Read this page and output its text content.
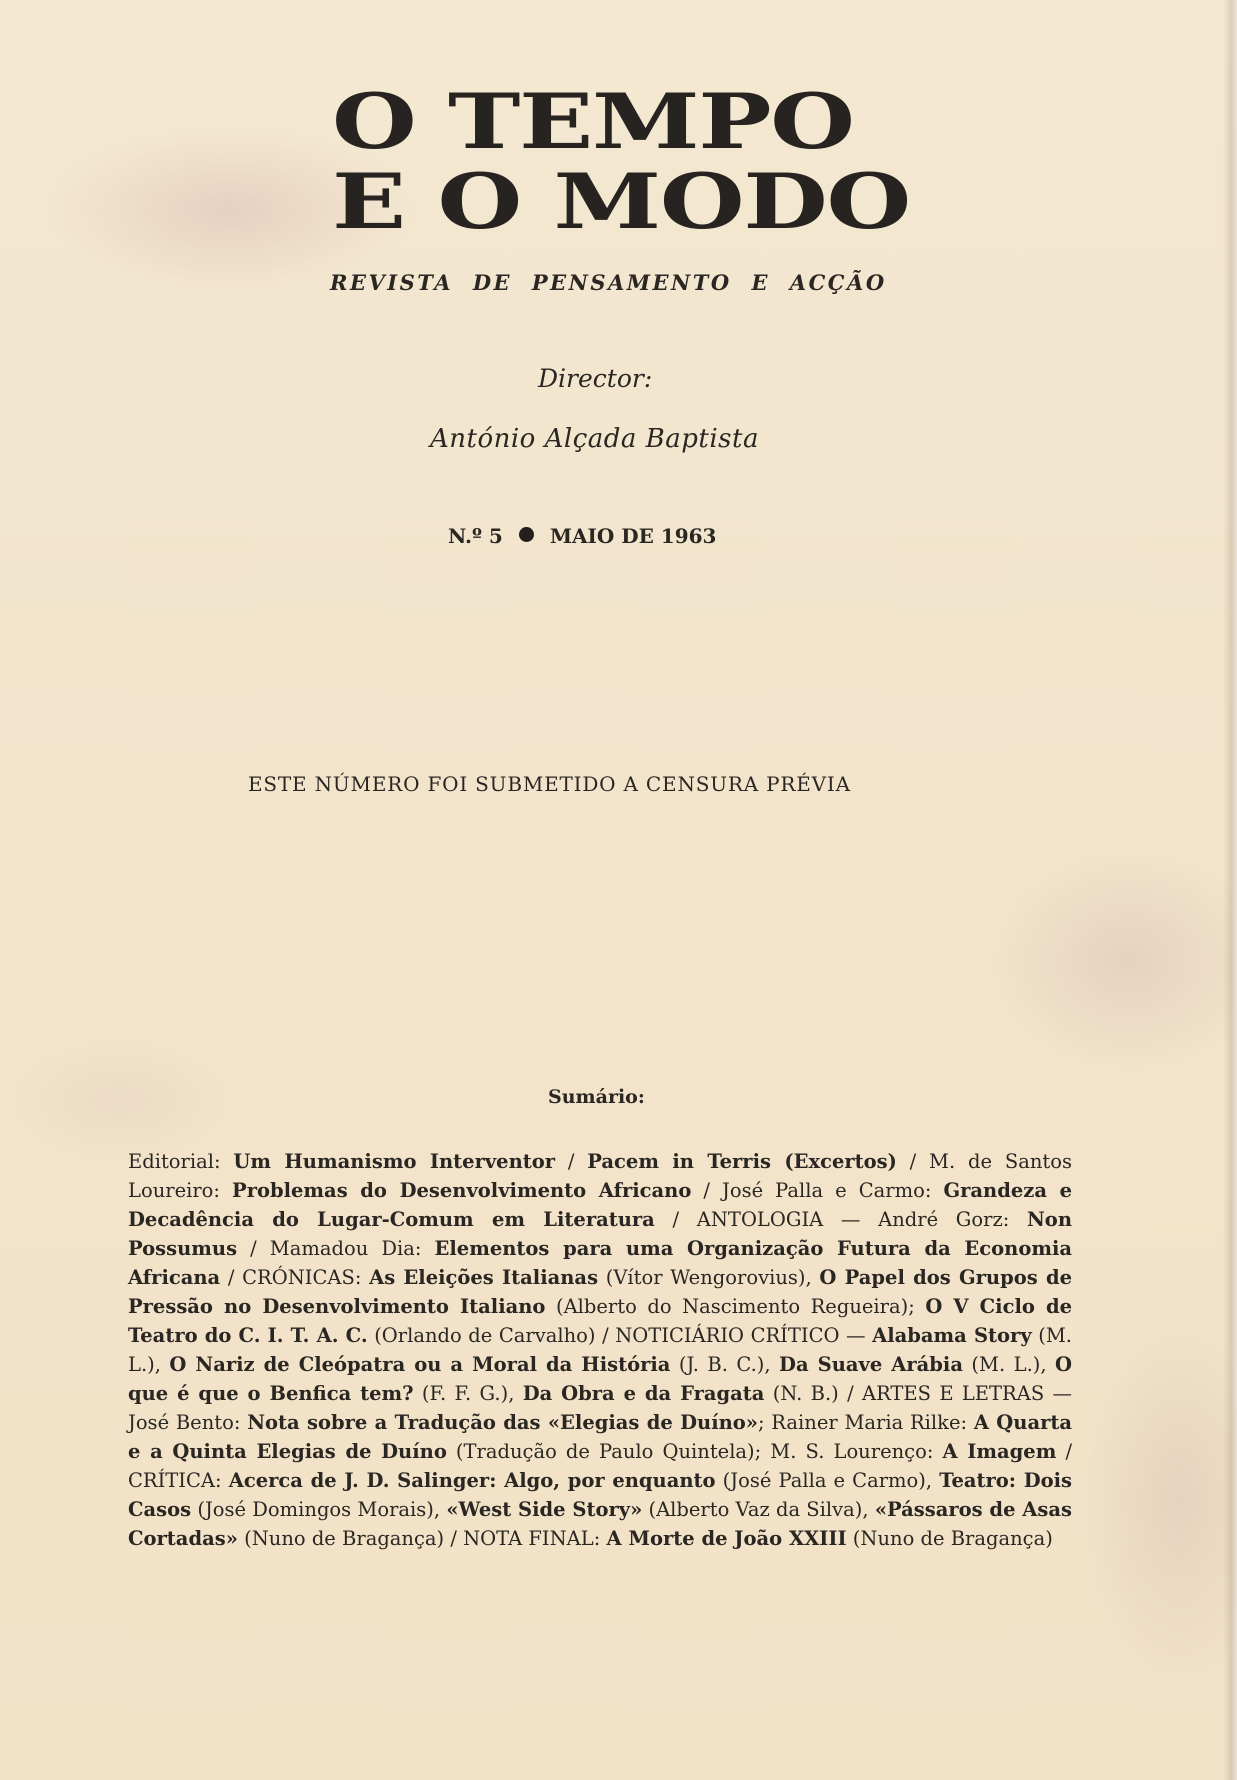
O TEMPO
E O MODO
REVISTA DE PENSAMENTO E ACÇÃO
Director:
António Alçada Baptista
N.º 5 MAIO DE 1963
ESTE NÚMERO FOI SUBMETIDO A CENSURA PRÉVIA
Sumário:
Editorial: Um Humanismo Interventor / Pacem in Terris (Excertos) / M. de Santos Loureiro: Problemas do Desenvolvimento Africano / José Palla e Carmo: Grandeza e Decadência do Lugar-Comum em Literatura / ANTOLOGIA — André Gorz: Non Possumus / Mamadou Dia: Elementos para uma Organização Futura da Economia Africana / CRÓNICAS: As Eleições Italianas (Vítor Wengorovius), O Papel dos Grupos de Pressão no Desenvolvimento Italiano (Alberto do Nascimento Regueira); O V Ciclo de Teatro do C. I. T. A. C. (Orlando de Carvalho) / NOTICIÁRIO CRÍTICO — Alabama Story (M. L.), O Nariz de Cleópatra ou a Moral da História (J. B. C.), Da Suave Arábia (M. L.), O que é que o Benfica tem? (F. F. G.), Da Obra e da Fragata (N. B.) / ARTES E LETRAS — José Bento: Nota sobre a Tradução das «Elegias de Duíno»; Rainer Maria Rilke: A Quarta e a Quinta Elegias de Duíno (Tradução de Paulo Quintela); M. S. Lourenço: A Imagem / CRÍTICA: Acerca de J. D. Salinger: Algo, por enquanto (José Palla e Carmo), Teatro: Dois Casos (José Domingos Morais), «West Side Story» (Alberto Vaz da Silva), «Pássaros de Asas Cortadas» (Nuno de Bragança) / NOTA FINAL: A Morte de João XXIII (Nuno de Bragança)
